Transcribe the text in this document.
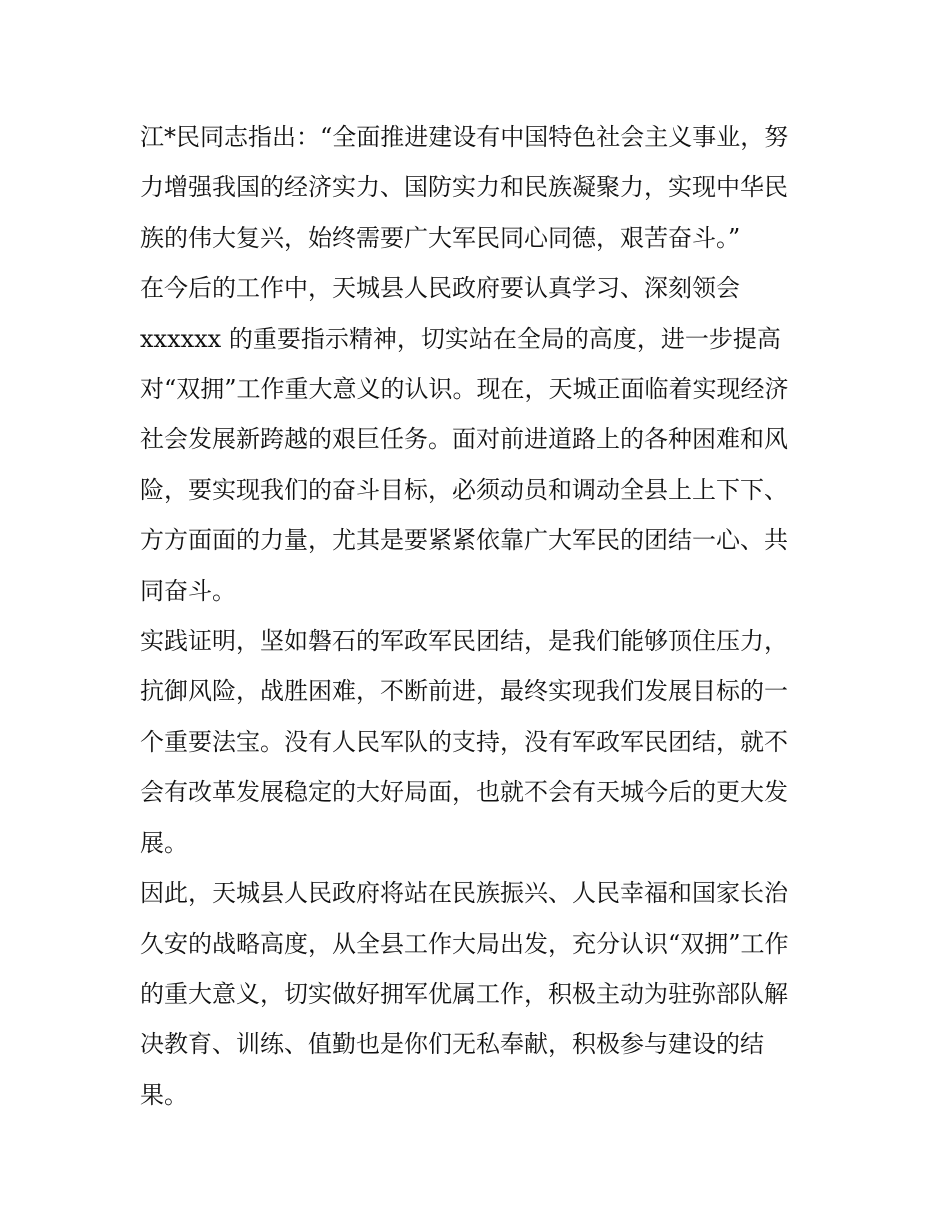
江*民同志指出：“全面推进建设有中国特色社会主义事业，努
力增强我国的经济实力、国防实力和民族凝聚力，实现中华民
族的伟大复兴，始终需要广大军民同心同德，艰苦奋斗。”

在今后的工作中，天城县人民政府要认真学习、深刻领会
xxxxxx 的重要指示精神，切实站在全局的高度，进一步提高
对“双拥”工作重大意义的认识。现在，天城正面临着实现经济
社会发展新跨越的艰巨任务。面对前进道路上的各种困难和风
险，要实现我们的奋斗目标，必须动员和调动全县上上下下、
方方面面的力量，尤其是要紧紧依靠广大军民的团结一心、共
同奋斗。

实践证明，坚如磐石的军政军民团结，是我们能够顶住压力，
抗御风险，战胜困难，不断前进，最终实现我们发展目标的一
个重要法宝。没有人民军队的支持，没有军政军民团结，就不
会有改革发展稳定的大好局面，也就不会有天城今后的更大发
展。

因此，天城县人民政府将站在民族振兴、人民幸福和国家长治
久安的战略高度，从全县工作大局出发，充分认识“双拥”工作
的重大意义，切实做好拥军优属工作，积极主动为驻弥部队解
决教育、训练、值勤也是你们无私奉献，积极参与建设的结
果。
